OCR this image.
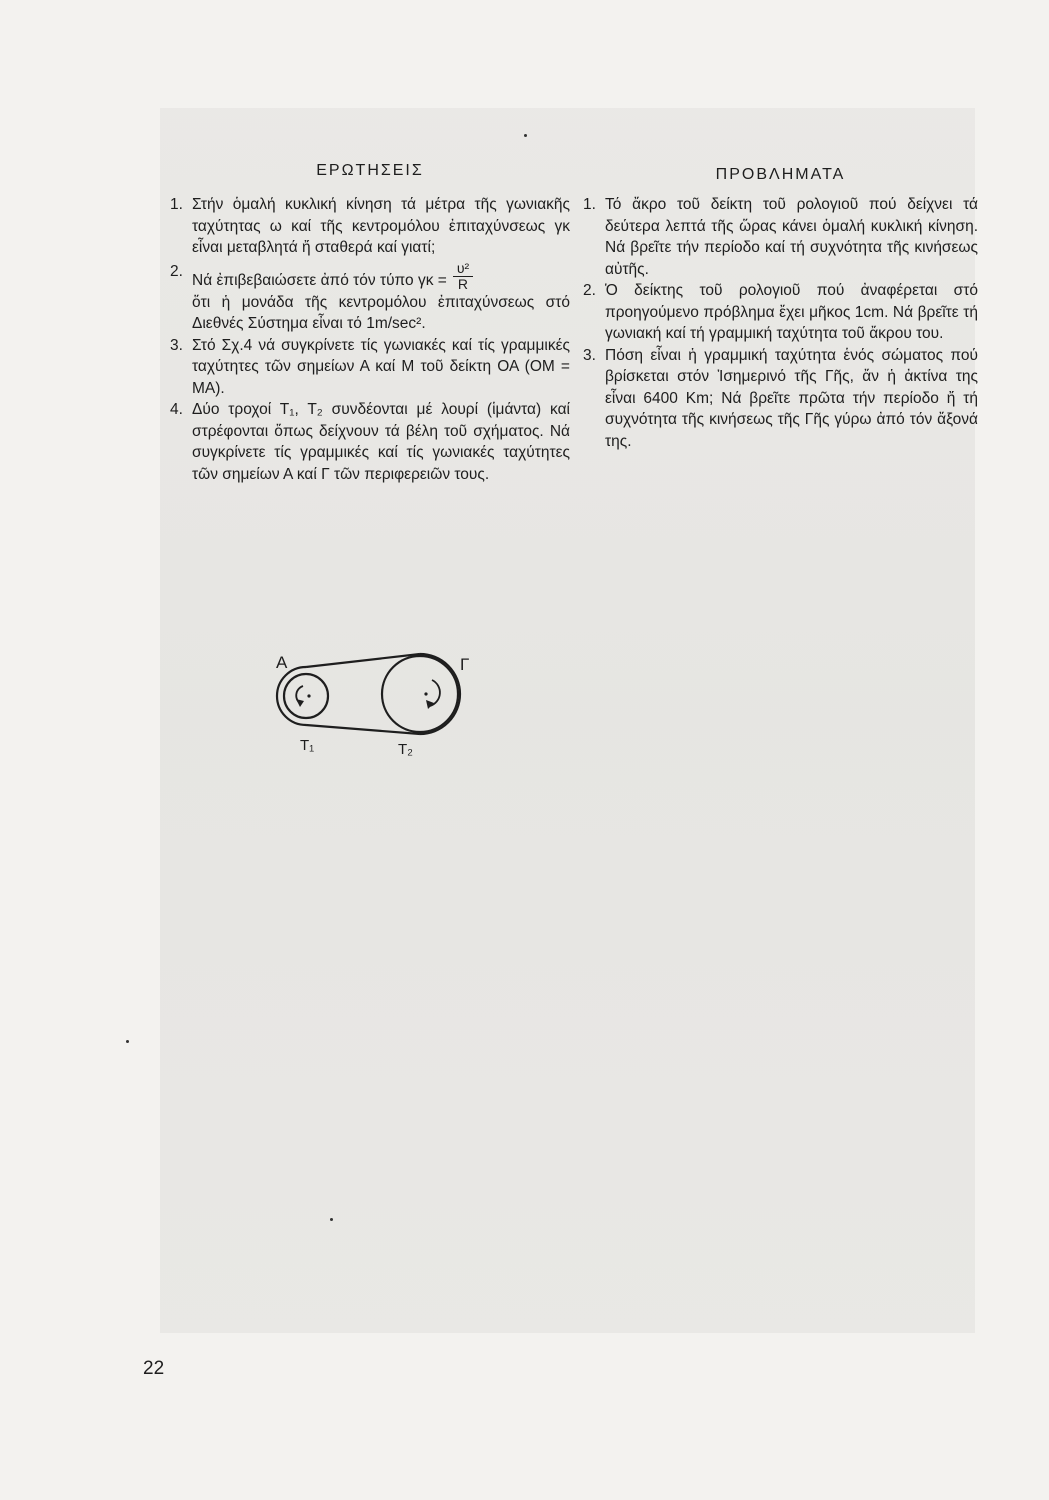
ΕΡΩΤΗΣΕΙΣ
1. Στήν ὁμαλή κυκλική κίνηση τά μέτρα τῆς γωνιακῆς ταχύτητας ω καί τῆς κεντρομόλου ἐπιταχύνσεως γκ εἶναι μεταβλητά ἤ σταθερά καί γιατί;
2.
Νά ἐπιβεβαιώσετε ἀπό τόν τύπο $\gamma\kappa = \frac{\text{υ²}}{R}$

ὅτι ἡ μονάδα τῆς κεντρομόλου ἐπιταχύνσεως στό Διεθνές Σύστημα εἶναι τό 1m/sec².

3. Στό Σχ.4 νά συγκρίνετε τίς γωνιακές καί τίς γραμμικές ταχύτητες τῶν σημείων Α καί Μ τοῦ δείκτη ΟΑ (ΟΜ = ΜΑ).
4. Δύο τροχοί Τ₁, Τ₂ συνδέονται μέ λουρί (ἱμάντα) καί στρέφονται ὅπως δείχνουν τά βέλη τοῦ σχήματος. Νά συγκρίνετε τίς γραμμικές καί τίς γωνιακές ταχύτητες τῶν σημείων Α καί Γ τῶν περιφερειῶν τους.
ΠΡΟΒΛΗΜΑΤΑ
1. Τό ἄκρο τοῦ δείκτη τοῦ ρολογιοῦ πού δείχνει τά δεύτερα λεπτά τῆς ὥρας κάνει ὁμαλή κυκλική κίνηση. Νά βρεῖτε τήν περίοδο καί τή συχνότητα τῆς κινήσεως αὐτῆς.
2. Ὁ δείκτης τοῦ ρολογιοῦ πού ἀναφέρεται στό προηγούμενο πρόβλημα ἔχει μῆκος 1cm. Νά βρεῖτε τή γωνιακή καί τή γραμμική ταχύτητα τοῦ ἄκρου του.
3. Πόση εἶναι ἡ γραμμική ταχύτητα ἑνός σώματος πού βρίσκεται στόν Ἰσημερινό τῆς Γῆς, ἄν ἡ ἀκτίνα της εἶναι 6400 Km; Νά βρεῖτε πρῶτα τήν περίοδο ἤ τή συχνότητα τῆς κινήσεως τῆς Γῆς γύρω ἀπό τόν ἄξονά της.
Α	Γ
Τ₁	Τ₂
22
